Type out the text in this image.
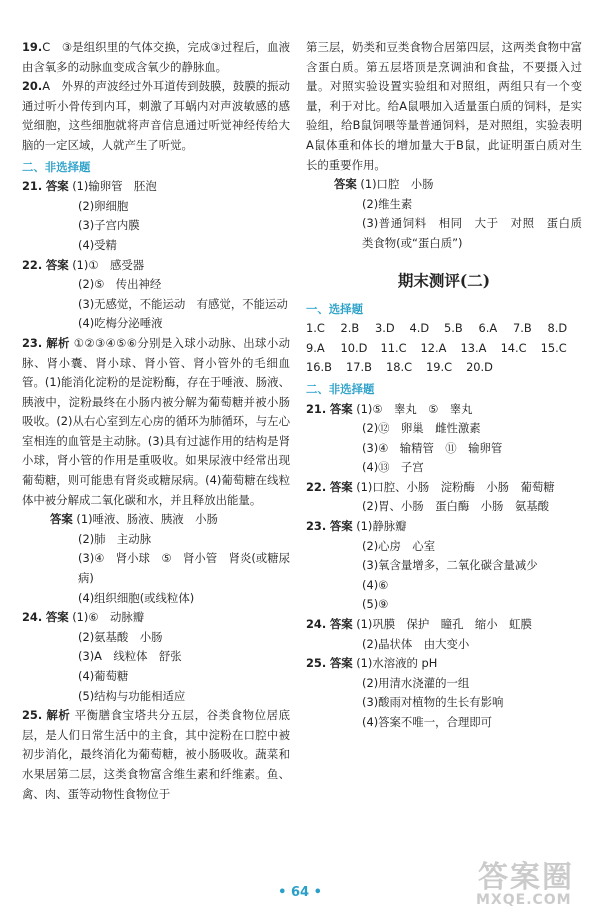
19.C　③是组织里的气体交换，完成③过程后，血液由含氧多的动脉血变成含氧少的静脉血。

20.A　外界的声波经过外耳道传到鼓膜，鼓膜的振动通过听小骨传到内耳，刺激了耳蜗内对声波敏感的感觉细胞，这些细胞就将声音信息通过听觉神经传给大脑的一定区域，人就产生了听觉。

二、非选择题

21. 答案 (1)输卵管　胚泡

(2)卵细胞

(3)子宫内膜

(4)受精

22. 答案 (1)①　感受器

(2)⑤　传出神经

(3)无感觉，不能运动　有感觉，不能运动

(4)吃梅分泌唾液

23. 解析 ①②③④⑤⑥分别是入球小动脉、出球小动脉、肾小囊、肾小球、肾小管、肾小管外的毛细血管。(1)能消化淀粉的是淀粉酶，存在于唾液、肠液、胰液中，淀粉最终在小肠内被分解为葡萄糖并被小肠吸收。(2)从右心室到左心房的循环为肺循环，与左心室相连的血管是主动脉。(3)具有过滤作用的结构是肾小球，肾小管的作用是重吸收。如果尿液中经常出现葡萄糖，则可能患有肾炎或糖尿病。(4)葡萄糖在线粒体中被分解成二氧化碳和水，并且释放出能量。

答案 (1)唾液、肠液、胰液　小肠

(2)肺　主动脉

(3)④　肾小球　⑤　肾小管　肾炎(或糖尿病)

(4)组织细胞(或线粒体)

24. 答案 (1)⑥　动脉瓣

(2)氨基酸　小肠

(3)A　线粒体　舒张

(4)葡萄糖

(5)结构与功能相适应

25. 解析 平衡膳食宝塔共分五层，谷类食物位居底层，是人们日常生活中的主食，其中淀粉在口腔中被初步消化，最终消化为葡萄糖，被小肠吸收。蔬菜和水果居第二层，这类食物富含维生素和纤维素。鱼、禽、肉、蛋等动物性食物位于

第三层，奶类和豆类食物合居第四层，这两类食物中富含蛋白质。第五层塔顶是烹调油和食盐，不要摄入过量。对照实验设置实验组和对照组，两组只有一个变量，利于对比。给A鼠喂加入适量蛋白质的饲料，是实验组，给B鼠饲喂等量普通饲料，是对照组，实验表明A鼠体重和体长的增加量大于B鼠，此证明蛋白质对生长的重要作用。

答案 (1)口腔　小肠

(2)维生素

(3)普通饲料　相同　大于　对照　蛋白质类食物(或“蛋白质”)

期末测评(二)

一、选择题

1.C	2.B	3.D	4.D	5.B	6.A	7.B	8.D
9.A	10.D	11.C	12.A	13.A	14.C	15.C
16.B	17.B	18.C	19.C	20.D

二、非选择题

21. 答案 (1)⑤　睾丸　⑤　睾丸

(2)⑫　卵巢　雌性激素

(3)④　输精管　⑪　输卵管

(4)⑬　子宫

22. 答案 (1)口腔、小肠　淀粉酶　小肠　葡萄糖

(2)胃、小肠　蛋白酶　小肠　氨基酸

23. 答案 (1)静脉瓣

(2)心房　心室

(3)氧含量增多，二氧化碳含量减少

(4)⑥

(5)⑨

24. 答案 (1)巩膜　保护　瞳孔　缩小　虹膜

(2)晶状体　由大变小

25. 答案 (1)水溶液的 pH

(2)用清水浇灌的一组

(3)酸雨对植物的生长有影响

(4)答案不唯一，合理即可

• 64 •	答案圈
MXQE.COM
